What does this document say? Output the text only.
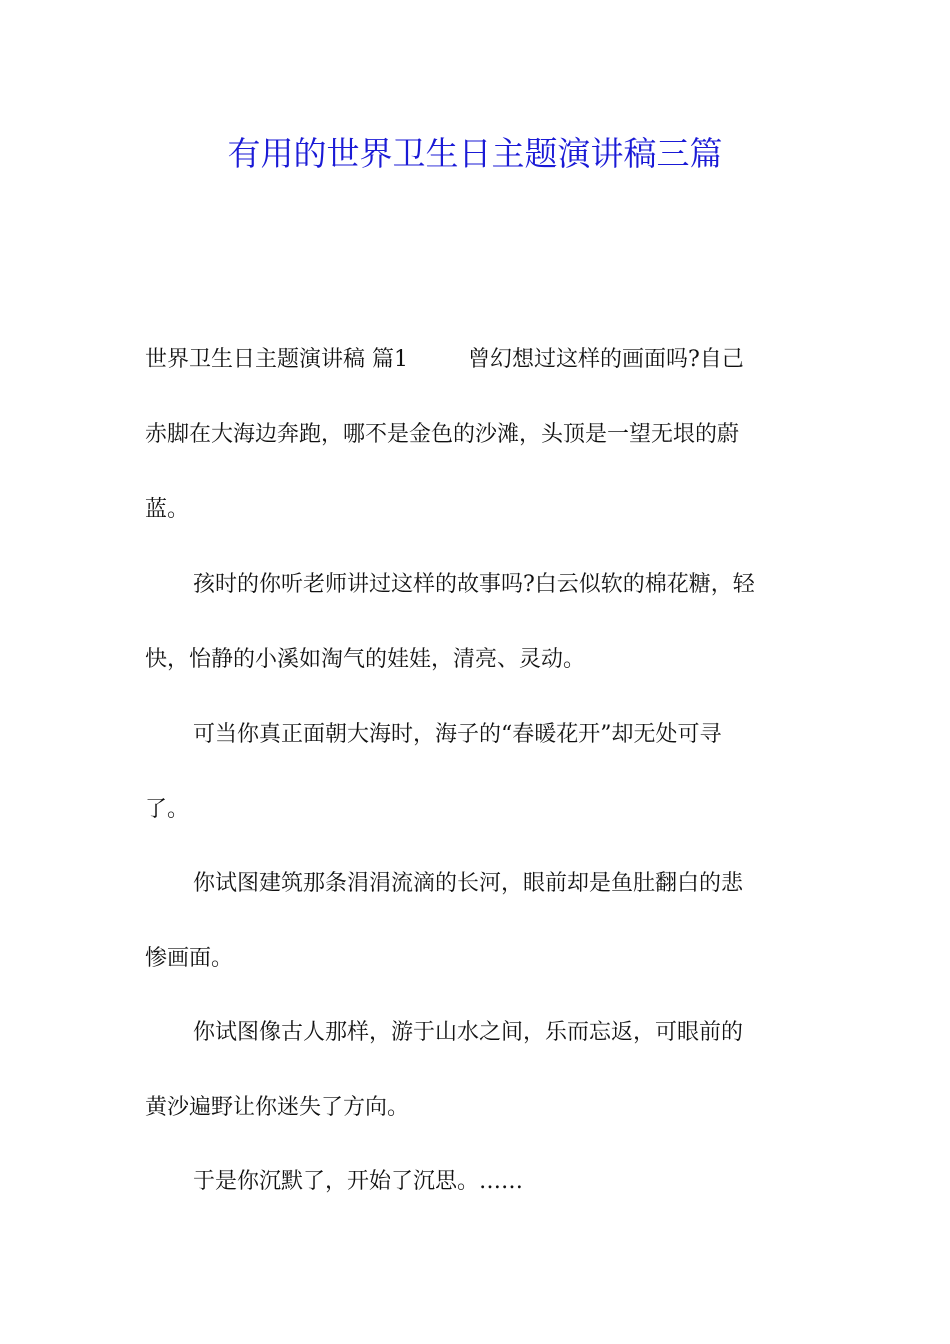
有用的世界卫生日主题演讲稿三篇

世界卫生日主题演讲稿 篇1	曾幻想过这样的画面吗?自己

赤脚在大海边奔跑，哪不是金色的沙滩，头顶是一望无垠的蔚

蓝。

孩时的你听老师讲过这样的故事吗?白云似软的棉花糖，轻

快，怡静的小溪如淘气的娃娃，清亮、灵动。

可当你真正面朝大海时，海子的“春暖花开”却无处可寻

了。

你试图建筑那条涓涓流滴的长河，眼前却是鱼肚翻白的悲

惨画面。

你试图像古人那样，游于山水之间，乐而忘返，可眼前的

黄沙遍野让你迷失了方向。

于是你沉默了，开始了沉思。……
